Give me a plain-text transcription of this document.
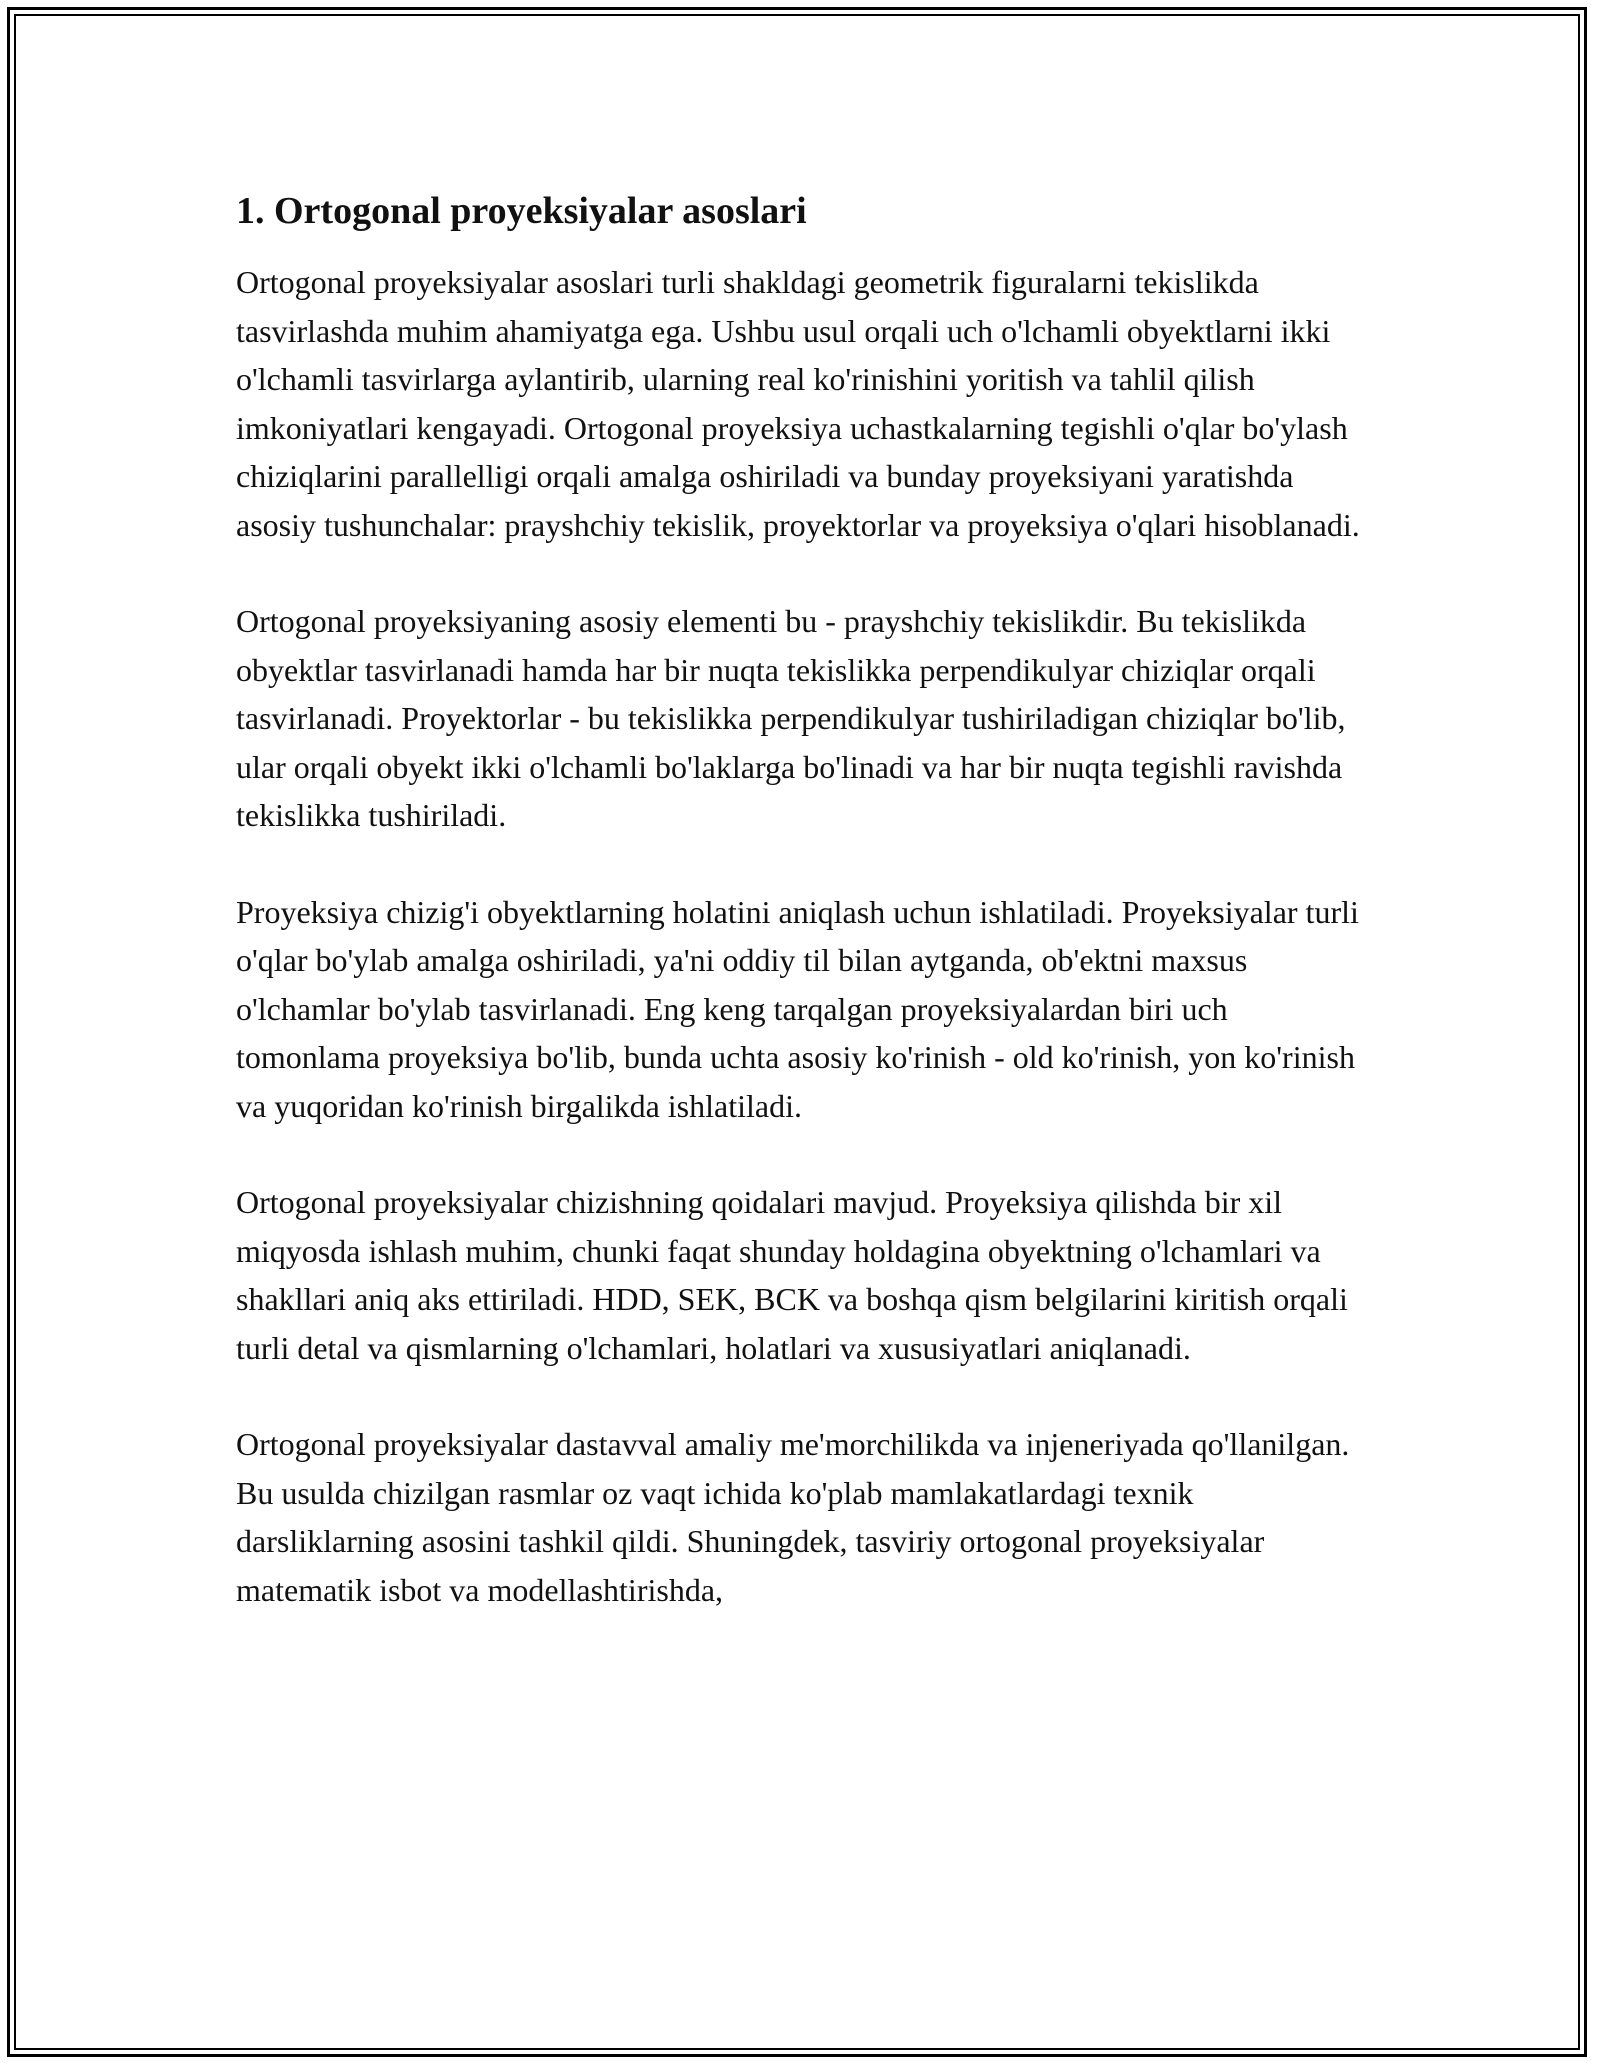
1. Ortogonal proyeksiyalar asoslari

Ortogonal proyeksiyalar asoslari turli shakldagi geometrik figuralarni tekislikda tasvirlashda muhim ahamiyatga ega. Ushbu usul orqali uch o'lchamli obyektlarni ikki o'lchamli tasvirlarga aylantirib, ularning real ko'rinishini yoritish va tahlil qilish imkoniyatlari kengayadi. Ortogonal proyeksiya uchastkalarning tegishli o'qlar bo'ylash chiziqlarini parallelligi orqali amalga oshiriladi va bunday proyeksiyani yaratishda asosiy tushunchalar: prayshchiy tekislik, proyektorlar va proyeksiya o'qlari hisoblanadi.

Ortogonal proyeksiyaning asosiy elementi bu - prayshchiy tekislikdir. Bu tekislikda obyektlar tasvirlanadi hamda har bir nuqta tekislikka perpendikulyar chiziqlar orqali tasvirlanadi. Proyektorlar - bu tekislikka perpendikulyar tushiriladigan chiziqlar bo'lib, ular orqali obyekt ikki o'lchamli bo'laklarga bo'linadi va har bir nuqta tegishli ravishda tekislikka tushiriladi.

Proyeksiya chizig'i obyektlarning holatini aniqlash uchun ishlatiladi. Proyeksiyalar turli o'qlar bo'ylab amalga oshiriladi, ya'ni oddiy til bilan aytganda, ob'ektni maxsus o'lchamlar bo'ylab tasvirlanadi. Eng keng tarqalgan proyeksiyalardan biri uch tomonlama proyeksiya bo'lib, bunda uchta asosiy ko'rinish - old ko'rinish, yon ko'rinish va yuqoridan ko'rinish birgalikda ishlatiladi.

Ortogonal proyeksiyalar chizishning qoidalari mavjud. Proyeksiya qilishda bir xil miqyosda ishlash muhim, chunki faqat shunday holdagina obyektning o'lchamlari va shakllari aniq aks ettiriladi. HDD, SEK, BCK va boshqa qism belgilarini kiritish orqali turli detal va qismlarning o'lchamlari, holatlari va xususiyatlari aniqlanadi.

Ortogonal proyeksiyalar dastavval amaliy me'morchilikda va injeneriyada qo'llanilgan. Bu usulda chizilgan rasmlar oz vaqt ichida ko'plab mamlakatlardagi texnik darsliklarning asosini tashkil qildi. Shuningdek, tasviriy ortogonal proyeksiyalar matematik isbot va modellashtirishda,
